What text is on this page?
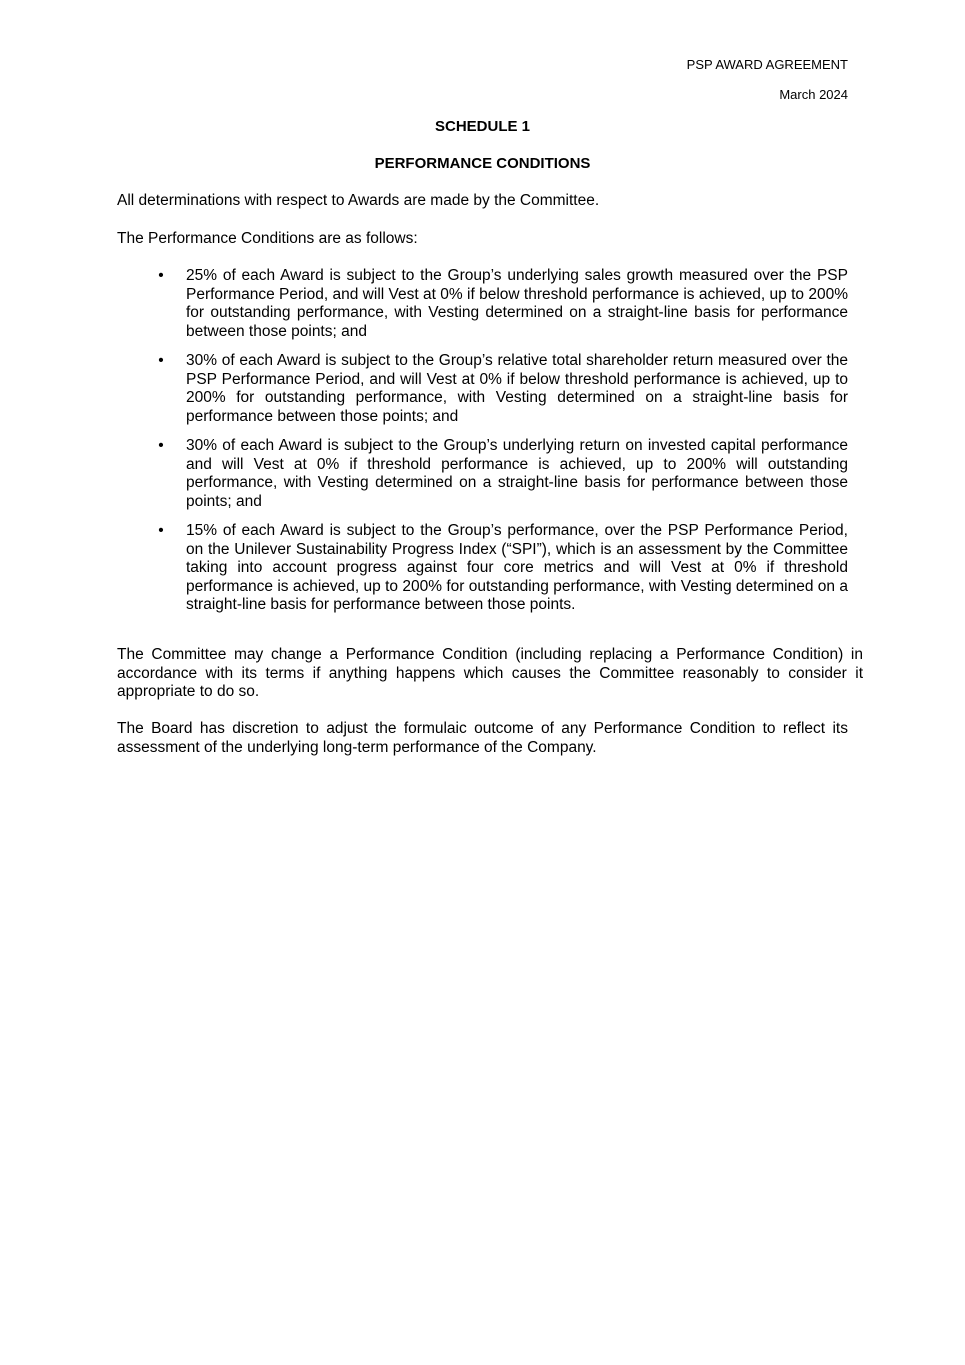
PSP AWARD AGREEMENT
March 2024
SCHEDULE 1
PERFORMANCE CONDITIONS
All determinations with respect to Awards are made by the Committee.
The Performance Conditions are as follows:
• 25% of each Award is subject to the Group’s underlying sales growth measured over the PSP Performance Period, and will Vest at 0% if below threshold performance is achieved, up to 200% for outstanding performance, with Vesting determined on a straight-line basis for performance between those points; and
• 30% of each Award is subject to the Group’s relative total shareholder return measured over the PSP Performance Period, and will Vest at 0% if below threshold performance is achieved, up to 200% for outstanding performance, with Vesting determined on a straight-line basis for performance between those points; and
• 30% of each Award is subject to the Group’s underlying return on invested capital performance and will Vest at 0% if threshold performance is achieved, up to 200% will outstanding performance, with Vesting determined on a straight-line basis for performance between those points; and
• 15% of each Award is subject to the Group’s performance, over the PSP Performance Period, on the Unilever Sustainability Progress Index (“SPI”), which is an assessment by the Committee taking into account progress against four core metrics and will Vest at 0% if threshold performance is achieved, up to 200% for outstanding performance, with Vesting determined on a straight-line basis for performance between those points.
The Committee may change a Performance Condition (including replacing a Performance Condition) in accordance with its terms if anything happens which causes the Committee reasonably to consider it appropriate to do so.
The Board has discretion to adjust the formulaic outcome of any Performance Condition to reflect its assessment of the underlying long-term performance of the Company.
